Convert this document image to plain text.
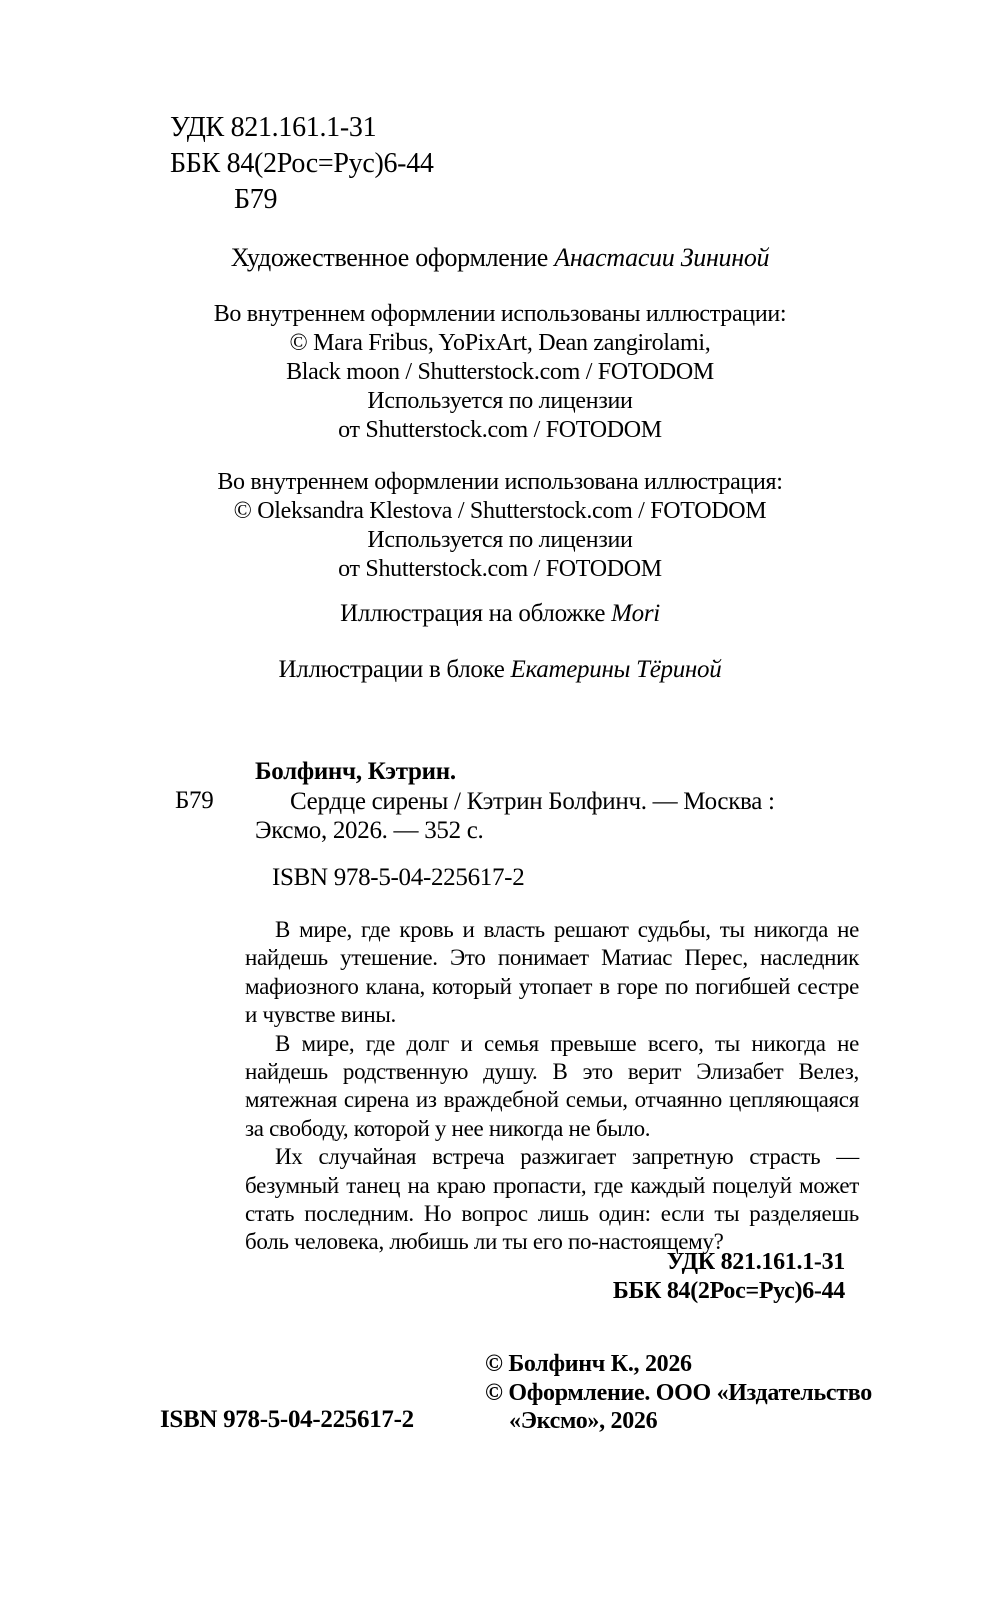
УДК 821.161.1-31
ББК 84(2Рос=Рус)6-44
Б79
Художественное оформление Анастасии Зининой
Во внутреннем оформлении использованы иллюстрации:
© Mara Fribus, YoPixArt, Dean zangirolami,
Black moon / Shutterstock.com / FOTODOM
Используется по лицензии
от Shutterstock.com / FOTODOM
Во внутреннем оформлении использована иллюстрация:
© Oleksandra Klestova / Shutterstock.com / FOTODOM
Используется по лицензии
от Shutterstock.com / FOTODOM
Иллюстрация на обложке Mori
Иллюстрации в блоке Екатерины Тёриной
Болфинч, Кэтрин.
Б79	Сердце сирены / Кэтрин Болфинч. — Москва :
Эксмо, 2026. — 352 с.
ISBN 978-5-04-225617-2

В мире, где кровь и власть решают судьбы, ты никогда не найдешь утешение. Это понимает Матиас Перес, наследник мафиозного клана, который утопает в горе по погибшей сестре и чувстве вины.

В мире, где долг и семья превыше всего, ты никогда не найдешь родственную душу. В это верит Элизабет Велез, мятежная сирена из враждебной семьи, отчаянно цепляющаяся за свободу, которой у нее никогда не было.

Их случайная встреча разжигает запретную страсть — безумный танец на краю пропасти, где каждый поцелуй может стать последним. Но вопрос лишь один: если ты разделяешь боль человека, любишь ли ты его по-настоящему?

УДК 821.161.1-31
ББК 84(2Рос=Рус)6-44
© Болфинч К., 2026
© Оформление. ООО «Издательство
«Эксмо», 2026
ISBN 978-5-04-225617-2
